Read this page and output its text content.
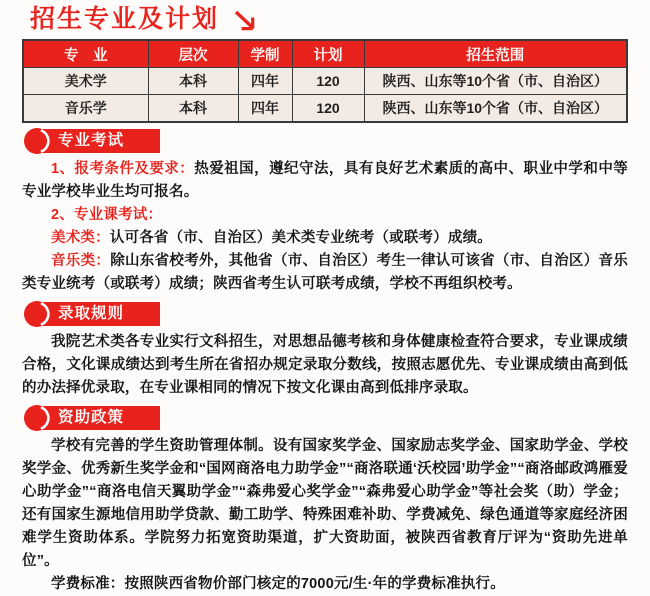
招生专业及计划
专　业	层次	学制	计划	招生范围
美术学	本科	四年	120	陕西、山东等10个省（市、自治区）
音乐学	本科	四年	120	陕西、山东等10个省（市、自治区）
专业考试

1、报考条件及要求：热爱祖国，遵纪守法，具有良好艺术素质的高中、职业中学和中等专业学校毕业生均可报名。

2、专业课考试：

美术类：认可各省（市、自治区）美术类专业统考（或联考）成绩。

音乐类：除山东省校考外，其他省（市、自治区）考生一律认可该省（市、自治区）音乐类专业统考（或联考）成绩；陕西省考生认可联考成绩，学校不再组织校考。

录取规则

我院艺术类各专业实行文科招生，对思想品德考核和身体健康检查符合要求，专业课成绩合格，文化课成绩达到考生所在省招办规定录取分数线，按照志愿优先、专业课成绩由高到低的办法择优录取，在专业课相同的情况下按文化课由高到低排序录取。

资助政策

学校有完善的学生资助管理体制。设有国家奖学金、国家励志奖学金、国家助学金、学校奖学金、优秀新生奖学金和“国网商洛电力助学金”“商洛联通‘沃校园’助学金”“商洛邮政鸿雁爱心助学金”“商洛电信天翼助学金”“森弗爱心奖学金”“森弗爱心助学金”等社会奖（助）学金；还有国家生源地信用助学贷款、勤工助学、特殊困难补助、学费减免、绿色通道等家庭经济困难学生资助体系。学院努力拓宽资助渠道，扩大资助面，被陕西省教育厅评为“资助先进单位”。

学费标准：按照陕西省物价部门核定的7000元/生·年的学费标准执行。
